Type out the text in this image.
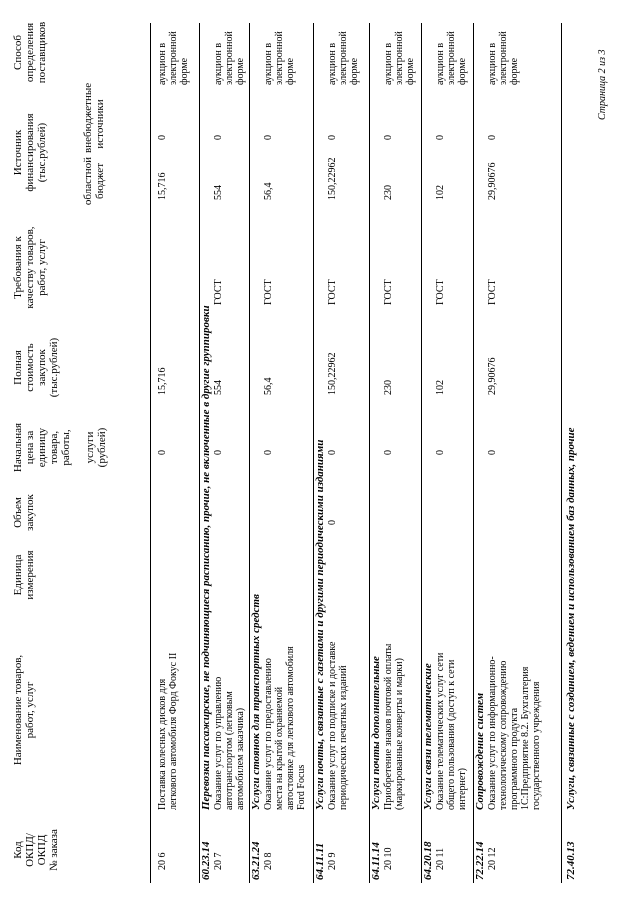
Код ОКПД/ ОКПД № заказа
Наименование товаров, работ, услуг
Единица измерения
Объем закупок
Начальная цена за единицу товара, работы,
услуги (рублей)
Полная стоимость закупок (тыс.рублей)
Требования к качеству товаров, работ, услуг
Источник финансирования (тыс.рублей)	областной бюджет
внебюджетные источники
Способ определения поставщиков
20 6
Поставка колесных дисков для легкового автомобиля Форд Фокус II
0
15,716
15,716
0
аукцион в электронной форме
60.23.14
Перевозки пассажирские, не подчиняющиеся расписанию, прочие, не включенные в другие группировки
20 7
Оказание услуг по управлению автотранспортом (легковым автомобилем заказчика)
0
554
ГОСТ
554
0
аукцион в электронной форме
63.21.24
Услуги стоянок для транспортных средств
20 8
Оказание услуг по предоставлению места на крытой охраняемой автостоянке для легкового автомобиля Ford Focus
0
56,4
ГОСТ
56,4
0
аукцион в электронной форме
64.11.11
Услуги почты, связанные с газетами и другими периодическими изданиями
20 9
Оказание услуг по подписке и доставке периодических печатных изданий
0
0
150,22962
ГОСТ
150,22962
0
аукцион в электронной форме
64.11.14
Услуги почты дополнительные
20 10
Приобретение знаков почтовой оплаты (маркированные конверты и марки)
0
230
ГОСТ
230
0
аукцион в электронной форме
64.20.18
Услуги связи телематические
20 11
Оказание телематических услуг сети общего пользования (доступ к сети интернет)
0
102
ГОСТ
102
0
аукцион в электронной форме
72.22.14
Сопровождение систем
20 12
Оказание услуг по информационно- технологическому сопровождению программного продукта 1С:Предприятие 8.2. Бухгалтерия государственного учреждения
0
29,90676
ГОСТ
29,90676
0
аукцион в электронной форме
72.40.13
Услуги, связанные с созданием, ведением и использованием баз данных, прочие
Страница 2 из 3
